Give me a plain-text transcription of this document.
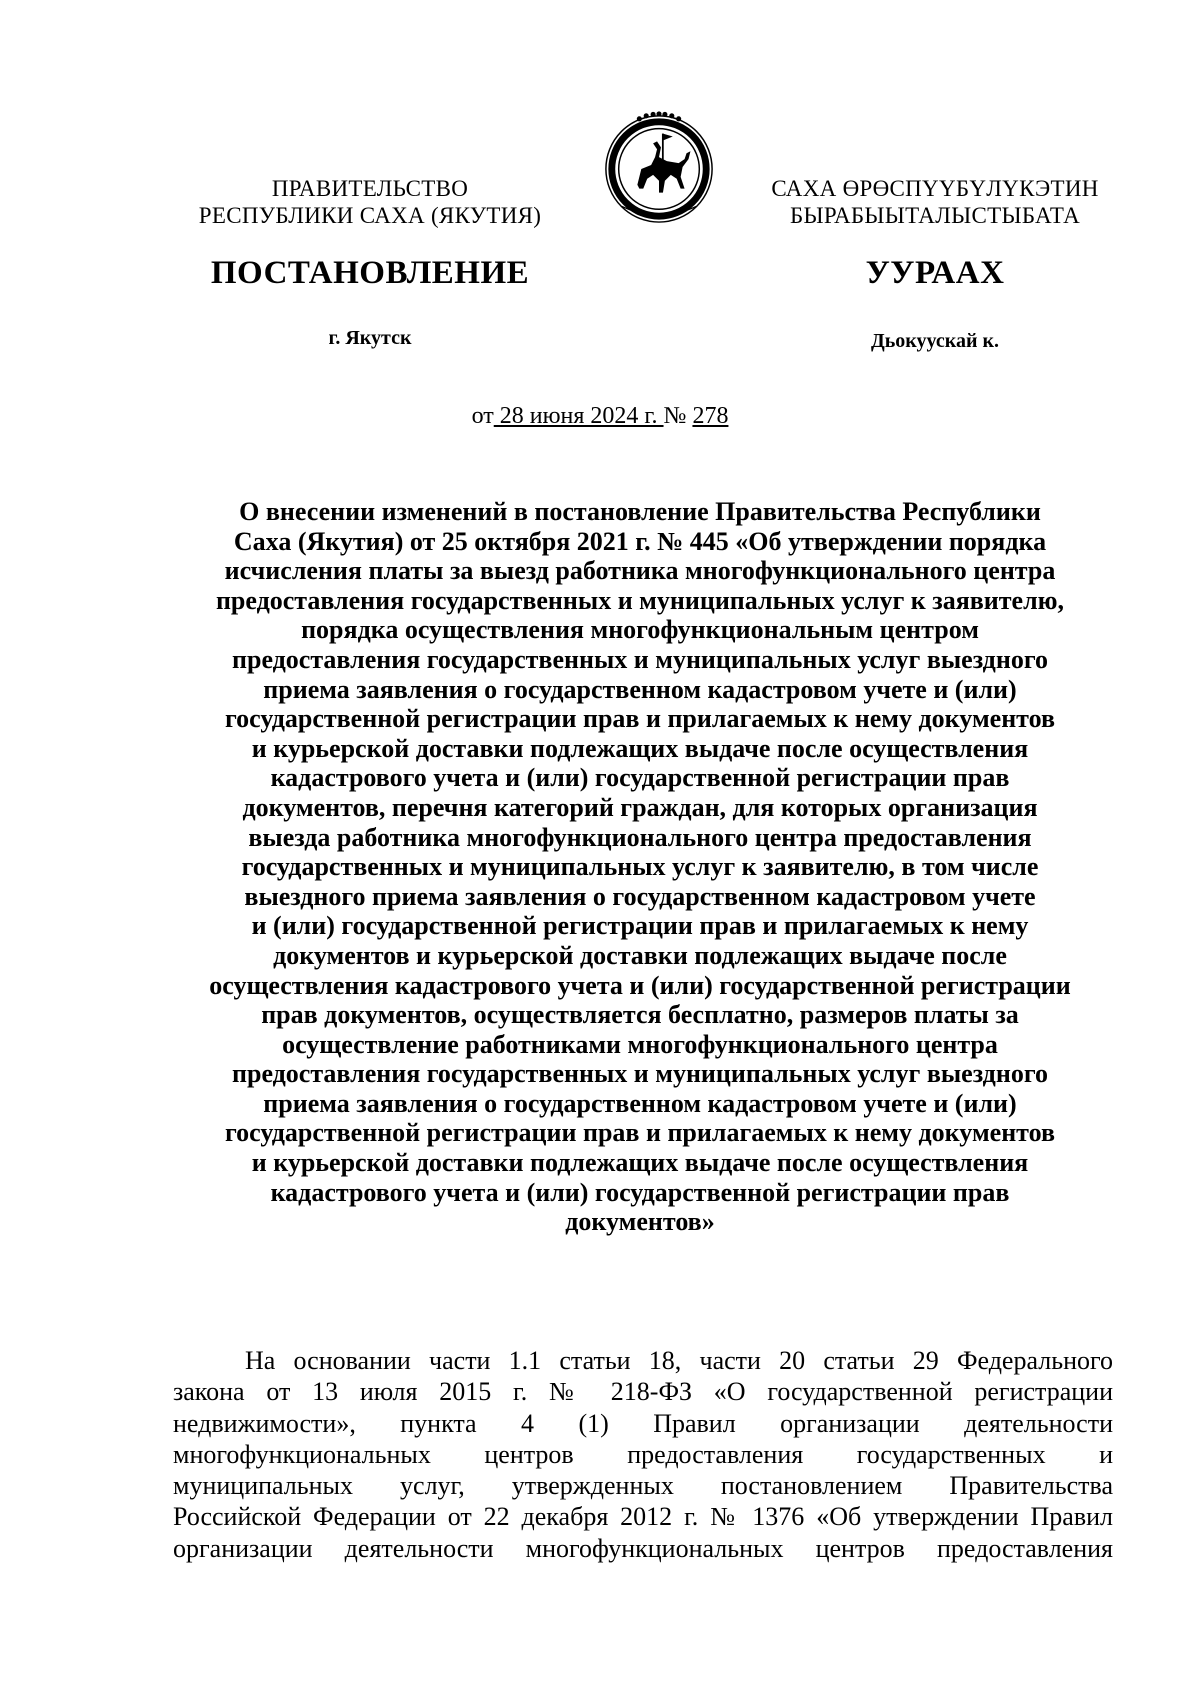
ПРАВИТЕЛЬСТВО
РЕСПУБЛИКИ САХА (ЯКУТИЯ)
САХА ӨРӨСПҮҮБҮЛҮКЭТИН
БЫРАБЫЫТАЛЫСТЫБАТА
ПОСТАНОВЛЕНИЕ	УУРААХ
г. Якутск	Дьокуускай к.
от 28 июня 2024 г. № 278
О внесении изменений в постановление Правительства Республики
Саха (Якутия) от 25 октября 2021 г. № 445 «Об утверждении порядка
исчисления платы за выезд работника многофункционального центра
предоставления государственных и муниципальных услуг к заявителю,
порядка осуществления многофункциональным центром
предоставления государственных и муниципальных услуг выездного
приема заявления о государственном кадастровом учете и (или)
государственной регистрации прав и прилагаемых к нему документов
и курьерской доставки подлежащих выдаче после осуществления
кадастрового учета и (или) государственной регистрации прав
документов, перечня категорий граждан, для которых организация
выезда работника многофункционального центра предоставления
государственных и муниципальных услуг к заявителю, в том числе
выездного приема заявления о государственном кадастровом учете
и (или) государственной регистрации прав и прилагаемых к нему
документов и курьерской доставки подлежащих выдаче после
осуществления кадастрового учета и (или) государственной регистрации
прав документов, осуществляется бесплатно, размеров платы за
осуществление работниками многофункционального центра
предоставления государственных и муниципальных услуг выездного
приема заявления о государственном кадастровом учете и (или)
государственной регистрации прав и прилагаемых к нему документов
и курьерской доставки подлежащих выдаче после осуществления
кадастрового учета и (или) государственной регистрации прав
документов»
На основании части 1.1 статьи 18, части 20 статьи 29 Федерального
закона от 13 июля 2015 г. № 218-ФЗ «О государственной регистрации
недвижимости», пункта 4 (1) Правил организации деятельности
многофункциональных центров предоставления государственных и
муниципальных услуг, утвержденных постановлением Правительства
Российской Федерации от 22 декабря 2012 г. № 1376 «Об утверждении Правил
организации деятельности многофункциональных центров предоставления
